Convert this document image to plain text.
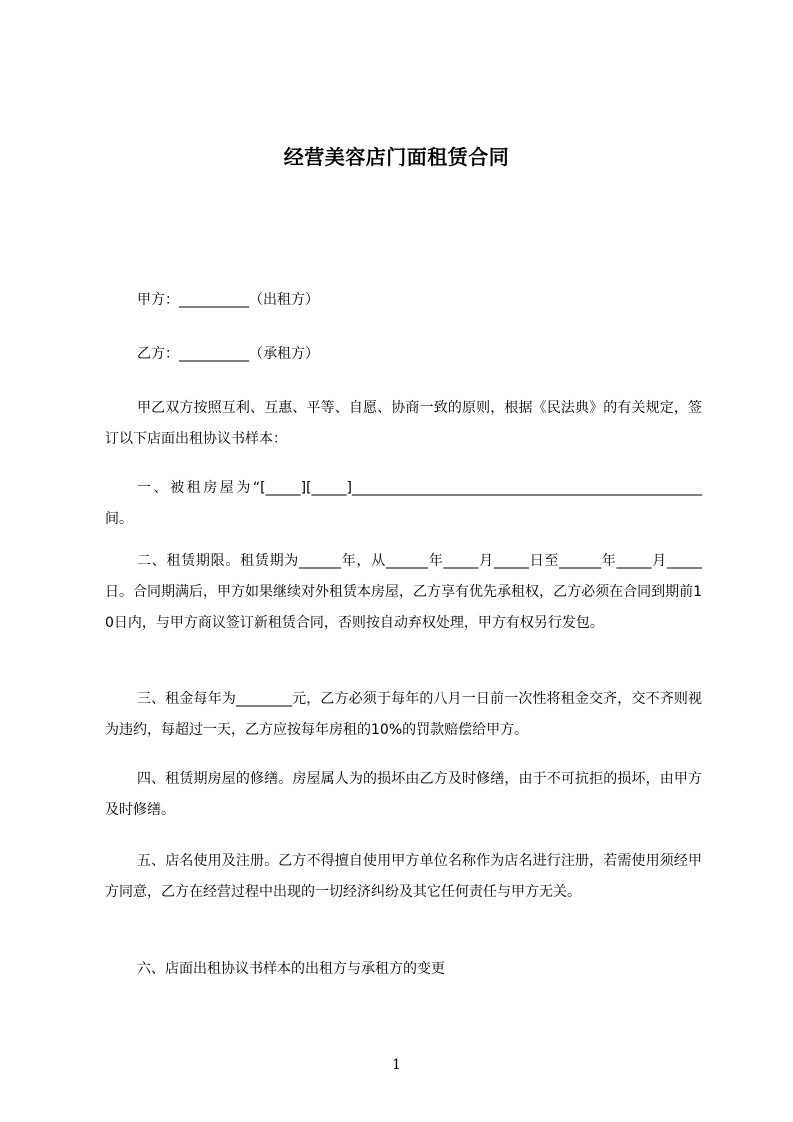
经营美容店门面租赁合同
甲方：__________（出租方）
乙方：__________（承租方）
甲乙双方按照互利、互惠、平等、自愿、协商一致的原则，根据《民法典》的有关规定，签订以下店面出租协议书样本：
一、被租房屋为“[_____][_____]__________________________________________________间。
二、租赁期限。租赁期为______年，从______年_____月_____日至______年_____月_____日。合同期满后，甲方如果继续对外租赁本房屋，乙方享有优先承租权，乙方必须在合同到期前10日内，与甲方商议签订新租赁合同，否则按自动弃权处理，甲方有权另行发包。
三、租金每年为________元，乙方必须于每年的八月一日前一次性将租金交齐，交不齐则视为违约，每超过一天，乙方应按每年房租的10%的罚款赔偿给甲方。
四、租赁期房屋的修缮。房屋属人为的损坏由乙方及时修缮，由于不可抗拒的损坏，由甲方及时修缮。
五、店名使用及注册。乙方不得擅自使用甲方单位名称作为店名进行注册，若需使用须经甲方同意，乙方在经营过程中出现的一切经济纠纷及其它任何责任与甲方无关。
六、店面出租协议书样本的出租方与承租方的变更
1
